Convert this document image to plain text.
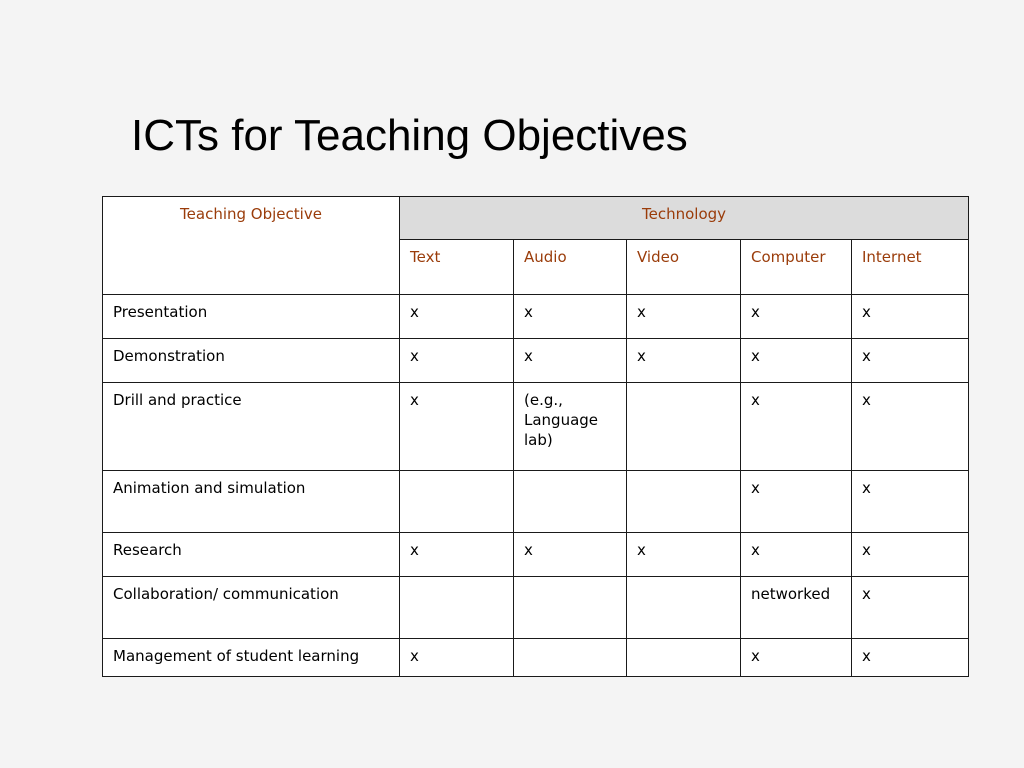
ICTs for Teaching Objectives
Teaching Objective	Technology				
	Text	Audio	Video	Computer	Internet
Presentation	x	x	x	x	x
Demonstration	x	x	x	x	x
Drill and practice	x	(e.g., Language lab)		x	x
Animation and simulation				x	x
Research	x	x	x	x	x
Collaboration/ communication				networked	x
Management of student learning	x			x	x
